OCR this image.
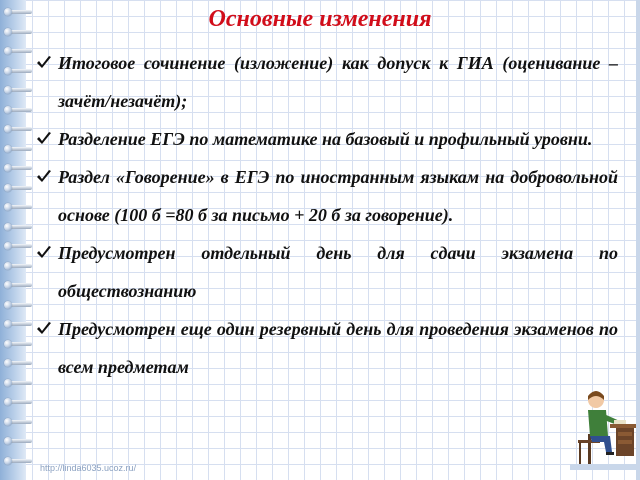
Основные изменения
Итоговое сочинение (изложение) как допуск к ГИА (оценивание – зачёт/незачёт);
Разделение ЕГЭ по математике на базовый и профильный уровни.
Раздел «Говорение» в ЕГЭ по иностранным языкам на добровольной основе (100 б =80 б за письмо + 20 б за говорение).
Предусмотрен отдельный день для сдачи экзамена по обществознанию
Предусмотрен еще один резервный день для проведения экзаменов по всем предметам
http://linda6035.ucoz.ru/
